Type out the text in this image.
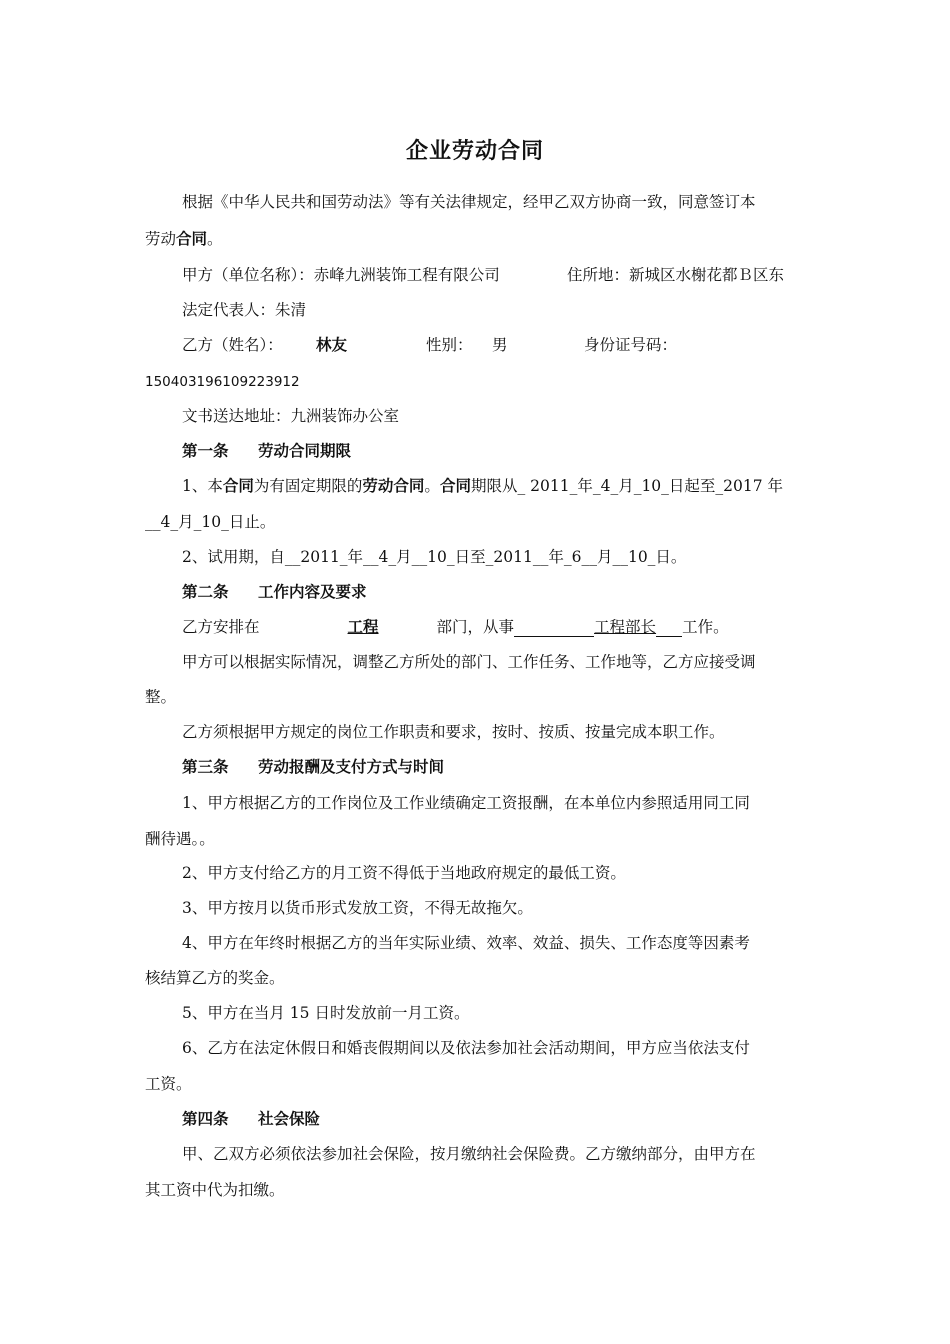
企业劳动合同
根据《中华人民共和国劳动法》等有关法律规定，经甲乙双方协商一致，同意签订本
劳动合同。
甲方（单位名称）：赤峰九洲装饰工程有限公司	住所地：新城区水榭花都Ｂ区东
法定代表人：朱清
乙方（姓名）： 林友	性别： 男	身份证号码：
150403196109223912
文书送达地址：九洲装饰办公室
第一条 劳动合同期限
1、本合同为有固定期限的劳动合同。合同期限从_ 2011_年_4_月_10_日起至_2017 年
__4_月_10_日止。
2、试用期，自__2011_年__4_月__10_日至_2011__年_6__月__10_日。
第二条 工作内容及要求
乙方安排在	工程	部门，从事	工程部长 工作。
甲方可以根据实际情况，调整乙方所处的部门、工作任务、工作地等，乙方应接受调
整。
乙方须根据甲方规定的岗位工作职责和要求，按时、按质、按量完成本职工作。
第三条 劳动报酬及支付方式与时间
1、甲方根据乙方的工作岗位及工作业绩确定工资报酬，在本单位内参照适用同工同
酬待遇。。
2、甲方支付给乙方的月工资不得低于当地政府规定的最低工资。
3、甲方按月以货币形式发放工资，不得无故拖欠。
4、甲方在年终时根据乙方的当年实际业绩、效率、效益、损失、工作态度等因素考
核结算乙方的奖金。
5、甲方在当月 15 日时发放前一月工资。
6、乙方在法定休假日和婚丧假期间以及依法参加社会活动期间，甲方应当依法支付
工资。
第四条 社会保险
甲、乙双方必须依法参加社会保险，按月缴纳社会保险费。乙方缴纳部分，由甲方在
其工资中代为扣缴。
